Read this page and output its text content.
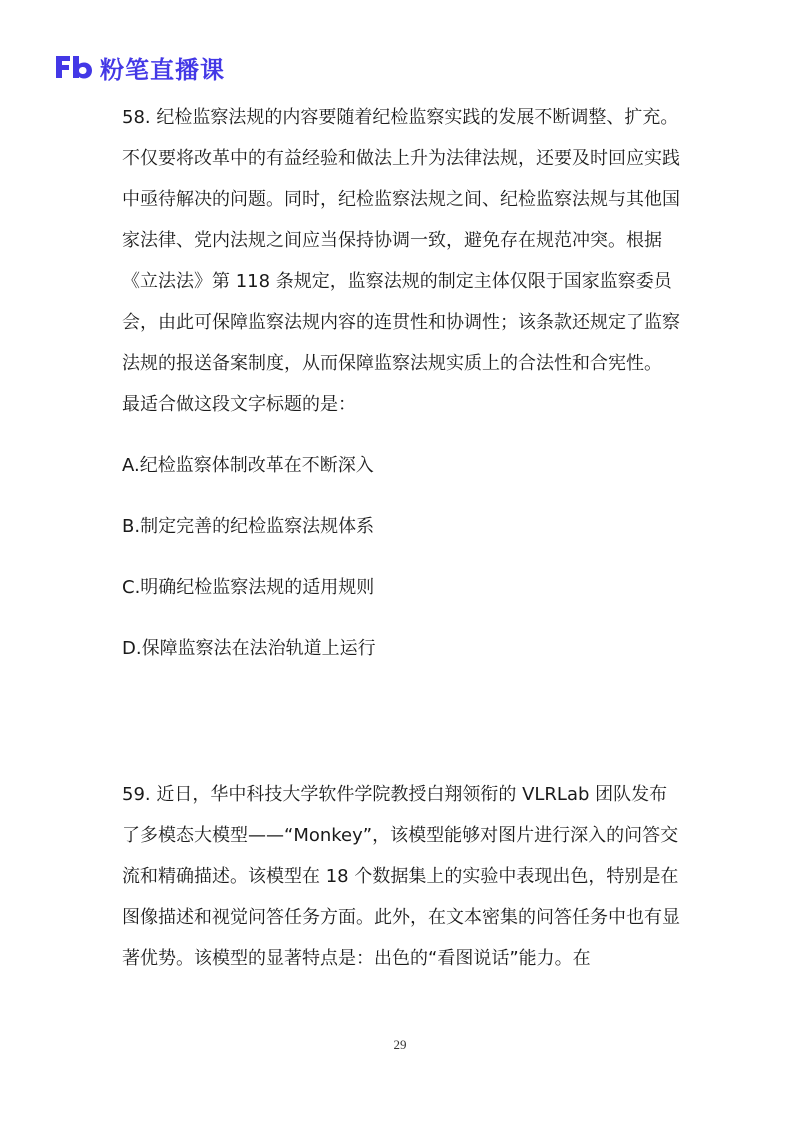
粉笔直播课

58. 纪检监察法规的内容要随着纪检监察实践的发展不断调整、扩充。不仅要将改革中的有益经验和做法上升为法律法规，还要及时回应实践中亟待解决的问题。同时，纪检监察法规之间、纪检监察法规与其他国家法律、党内法规之间应当保持协调一致，避免存在规范冲突。根据《立法法》第 118 条规定，监察法规的制定主体仅限于国家监察委员会，由此可保障监察法规内容的连贯性和协调性；该条款还规定了监察法规的报送备案制度，从而保障监察法规实质上的合法性和合宪性。

最适合做这段文字标题的是：

A.纪检监察体制改革在不断深入
B.制定完善的纪检监察法规体系
C.明确纪检监察法规的适用规则
D.保障监察法在法治轨道上运行

59. 近日，华中科技大学软件学院教授白翔领衔的 VLRLab 团队发布了多模态大模型——“Monkey”，该模型能够对图片进行深入的问答交流和精确描述。该模型在 18 个数据集上的实验中表现出色，特别是在图像描述和视觉问答任务方面。此外，在文本密集的问答任务中也有显著优势。该模型的显著特点是：出色的“看图说话”能力。在

29
